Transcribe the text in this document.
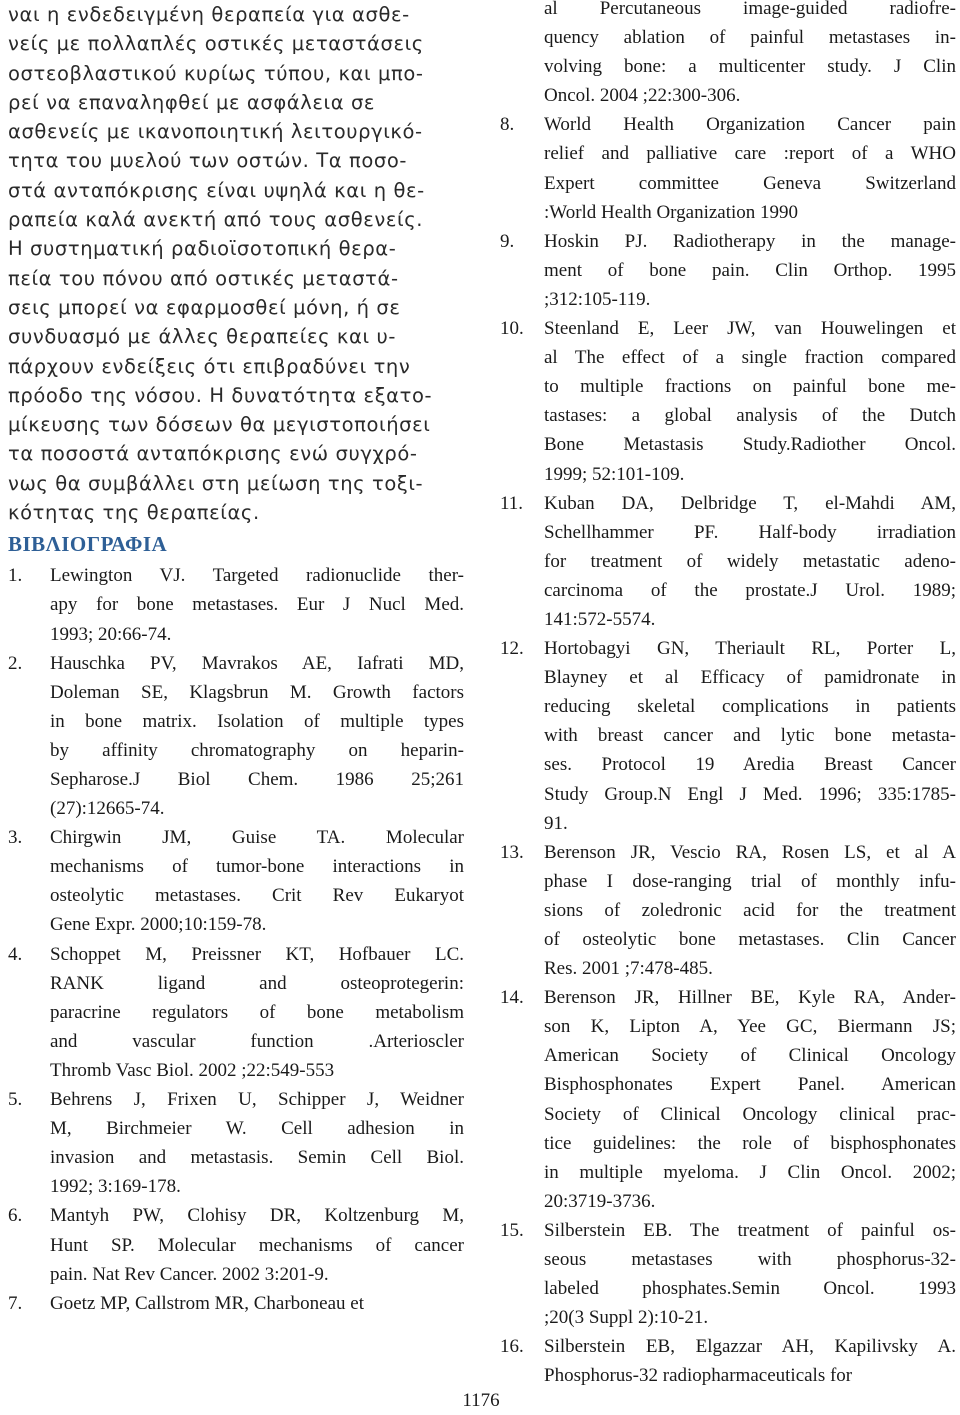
ναι η ενδεδειγμένη θεραπεία για ασθε-
νείς με πολλαπλές οστικές μεταστάσεις
οστεοβλαστικού κυρίως τύπου, και μπο-
ρεί να επαναληφθεί με ασφάλεια σε
ασθενείς με ικανοποιητική λειτουργικό-
τητα του μυελού των οστών. Τα ποσο-
στά ανταπόκρισης είναι υψηλά και η θε-
ραπεία καλά ανεκτή από τους ασθενείς.
Η συστηματική ραδιοϊσοτοπική θερα-
πεία του πόνου από οστικές μεταστά-
σεις μπορεί να εφαρμοσθεί μόνη, ή σε
συνδυασμό με άλλες θεραπείες και υ-
πάρχουν ενδείξεις ότι επιβραδύνει την
πρόοδο της νόσου. Η δυνατότητα εξατο-
μίκευσης των δόσεων θα μεγιστοποιήσει
τα ποσοστά ανταπόκρισης ενώ συγχρό-
νως θα συμβάλλει στη μείωση της τοξι-
κότητας της θεραπείας.

ΒΙΒΛΙΟΓΡΑΦΙΑ
1.	Lewington VJ. Targeted radionuclide ther-
apy for bone metastases. Eur J Nucl Med.
1993; 20:66-74.
2.	Hauschka PV, Mavrakos AE, Iafrati MD,
Doleman SE, Klagsbrun M. Growth factors
in bone matrix. Isolation of multiple types
by affinity chromatography on heparin-
Sepharose.J Biol Chem. 1986 25;261
(27):12665-74.
3.	Chirgwin JM, Guise TA. Molecular
mechanisms of tumor-bone interactions in
osteolytic metastases. Crit Rev Eukaryot
Gene Expr. 2000;10:159-78.
4.	Schoppet M, Preissner KT, Hofbauer LC.
RANK ligand and osteoprotegerin:
paracrine regulators of bone metabolism
and vascular function .Arterioscler
Thromb Vasc Biol. 2002 ;22:549-553
5.	Behrens J, Frixen U, Schipper J, Weidner
M, Birchmeier W. Cell adhesion in
invasion and metastasis. Semin Cell Biol.
1992; 3:169-178.
6.	Mantyh PW, Clohisy DR, Koltzenburg M,
Hunt SP. Molecular mechanisms of cancer
pain. Nat Rev Cancer. 2002 3:201-9.
7.	Goetz MP, Callstrom MR, Charboneau et
al Percutaneous image-guided radiofre-
quency ablation of painful metastases in-
volving bone: a multicenter study. J Clin
Oncol. 2004 ;22:300-306.
8.	World Health Organization Cancer pain
relief and palliative care :report of a WHO
Expert committee Geneva Switzerland
:World Health Organization 1990
9.	Hoskin PJ. Radiotherapy in the manage-
ment of bone pain. Clin Orthop. 1995
;312:105-119.
10.	Steenland E, Leer JW, van Houwelingen et
al The effect of a single fraction compared
to multiple fractions on painful bone me-
tastases: a global analysis of the Dutch
Bone Metastasis Study.Radiother Oncol.
1999; 52:101-109.
11.	Kuban DA, Delbridge T, el-Mahdi AM,
Schellhammer PF. Half-body irradiation
for treatment of widely metastatic adeno-
carcinoma of the prostate.J Urol. 1989;
141:572-5574.
12.	Hortobagyi GN, Theriault RL, Porter L,
Blayney et al Efficacy of pamidronate in
reducing skeletal complications in patients
with breast cancer and lytic bone metasta-
ses. Protocol 19 Aredia Breast Cancer
Study Group.N Engl J Med. 1996; 335:1785-
91.
13.	Berenson JR, Vescio RA, Rosen LS, et al A
phase I dose-ranging trial of monthly infu-
sions of zoledronic acid for the treatment
of osteolytic bone metastases. Clin Cancer
Res. 2001 ;7:478-485.
14.	Berenson JR, Hillner BE, Kyle RA, Ander-
son K, Lipton A, Yee GC, Biermann JS;
American Society of Clinical Oncology
Bisphosphonates Expert Panel. American
Society of Clinical Oncology clinical prac-
tice guidelines: the role of bisphosphonates
in multiple myeloma. J Clin Oncol. 2002;
20:3719-3736.
15.	Silberstein EB. The treatment of painful os-
seous metastases with phosphorus-32-
labeled phosphates.Semin Oncol. 1993
;20(3 Suppl 2):10-21.
16.	Silberstein EB, Elgazzar AH, Kapilivsky A.
Phosphorus-32 radiopharmaceuticals for
1176
